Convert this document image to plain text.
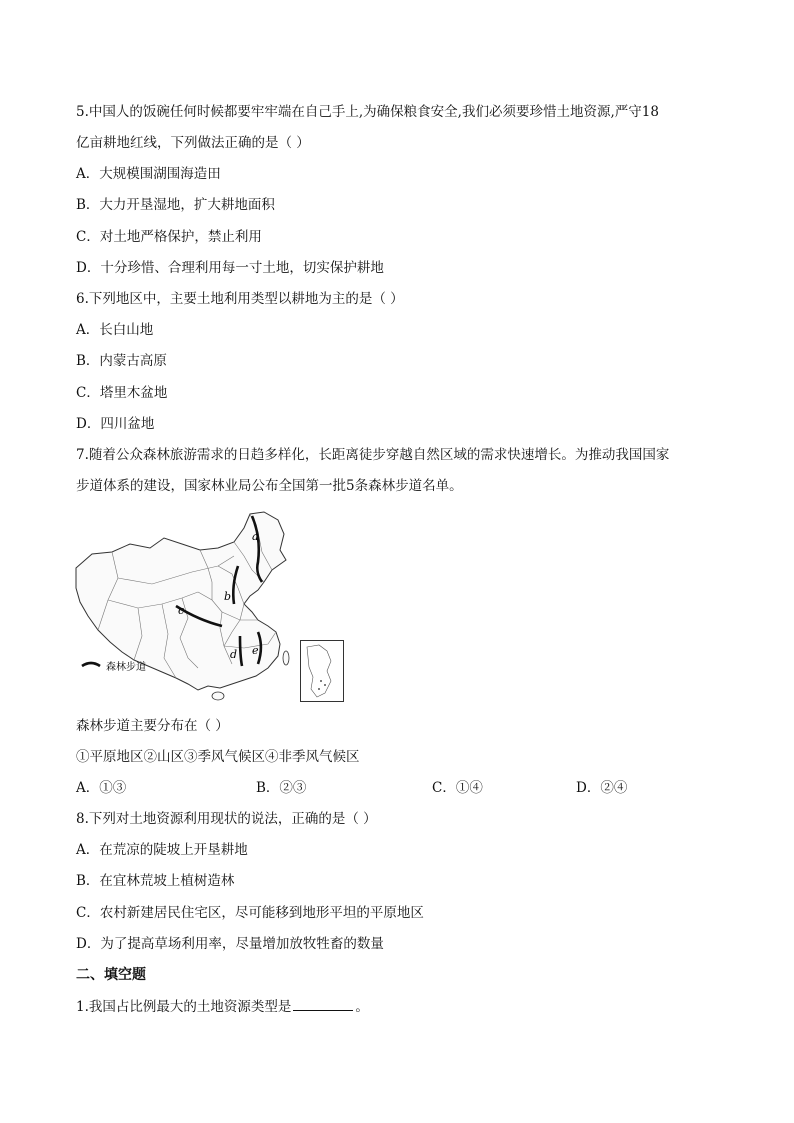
5.中国人的饭碗任何时候都要牢牢端在自己手上,为确保粮食安全,我们必须要珍惜土地资源,严守18
亿亩耕地红线，下列做法正确的是（ ）
A．大规模围湖围海造田
B．大力开垦湿地，扩大耕地面积
C．对土地严格保护，禁止利用
D．十分珍惜、合理利用每一寸土地，切实保护耕地
6.下列地区中，主要土地利用类型以耕地为主的是（ ）
A．长白山地
B．内蒙古高原
C．塔里木盆地
D．四川盆地
7.随着公众森林旅游需求的日趋多样化，长距离徒步穿越自然区域的需求快速增长。为推动我国国家
步道体系的建设，国家林业局公布全国第一批5条森林步道名单。
a
b
c
d e
森林步道
森林步道主要分布在（ ）
①平原地区②山区③季风气候区④非季风气候区
A．①③	B．②③	C．①④	D．②④
8.下列对土地资源利用现状的说法，正确的是（ ）
A．在荒凉的陡坡上开垦耕地
B．在宜林荒坡上植树造林
C．农村新建居民住宅区，尽可能移到地形平坦的平原地区
D．为了提高草场利用率，尽量增加放牧牲畜的数量
二、填空题
1.我国占比例最大的土地资源类型是	。
